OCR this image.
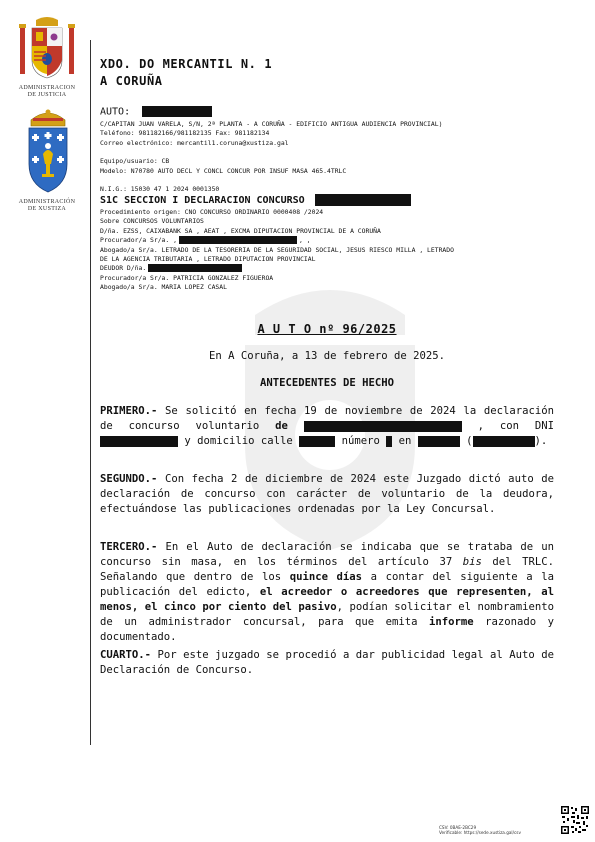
ADMINISTRACION
DE JUSTICIA
ADMINISTRACIÓN
DE XUSTIZA
XDO. DO MERCANTIL N. 1
A CORUÑA
AUTO:
C/CAPITAN JUAN VARELA, S/N, 2ª PLANTA - A CORUÑA - EDIFICIO ANTIGUA AUDIENCIA PROVINCIAL)
Teléfono: 981182166/981182135 Fax: 981182134
Correo electrónico: mercantil1.coruna@xustiza.gal
Equipo/usuario: CB
Modelo: N70780 AUTO DECL Y CONCL CONCUR POR INSUF MASA 465.4TRLC
N.I.G.: 15030 47 1 2024 0001350
S1C SECCION I DECLARACION CONCURSO
Procedimiento origen: CNO CONCURSO ORDINARIO 0000408 /2024
Sobre CONCURSOS VOLUNTARIOS
D/ña. EZSS, CAIXABANK SA , AEAT , EXCMA DIPUTACION PROVINCIAL DE A CORUÑA
Procurador/a Sr/a. ,	, ,
Abogado/a Sr/a. LETRADO DE LA TESORERIA DE LA SEGURIDAD SOCIAL, JESUS RIESCO MILLA , LETRADO
DE LA AGENCIA TRIBUTARIA , LETRADO DIPUTACION PROVINCIAL
DEUDOR D/ña.
Procurador/a Sr/a. PATRICIA GONZALEZ FIGUEROA
Abogado/a Sr/a. MARIA LOPEZ CASAL
A U T O nº 96/2025
En A Coruña, a 13 de febrero de 2025.
ANTECEDENTES DE HECHO
PRIMERO.- Se solicitó en fecha 19 de noviembre de 2024 la declaración de concurso voluntario de	, con DNI  y domicilio calle	número  en	(	).
SEGUNDO.- Con fecha 2 de diciembre de 2024 este Juzgado dictó auto de declaración de concurso con carácter de voluntario de la deudora, efectuándose las publicaciones ordenadas por la Ley Concursal.
TERCERO.- En el Auto de declaración se indicaba que se trataba de un concurso sin masa, en los términos del artículo 37 bis del TRLC. Señalando que dentro de los quince días a contar del siguiente a la publicación del edicto, el acreedor o acreedores que representen, al menos, el cinco por ciento del pasivo, podían solicitar el nombramiento de un administrador concursal, para que emita informe razonado y documentado.
CUARTO.- Por este juzgado se procedió a dar publicidad legal al Auto de Declaración de Concurso.
CSV: 0BAE-2BC29
Verificable: https://sede.xustiza.gal/csv
